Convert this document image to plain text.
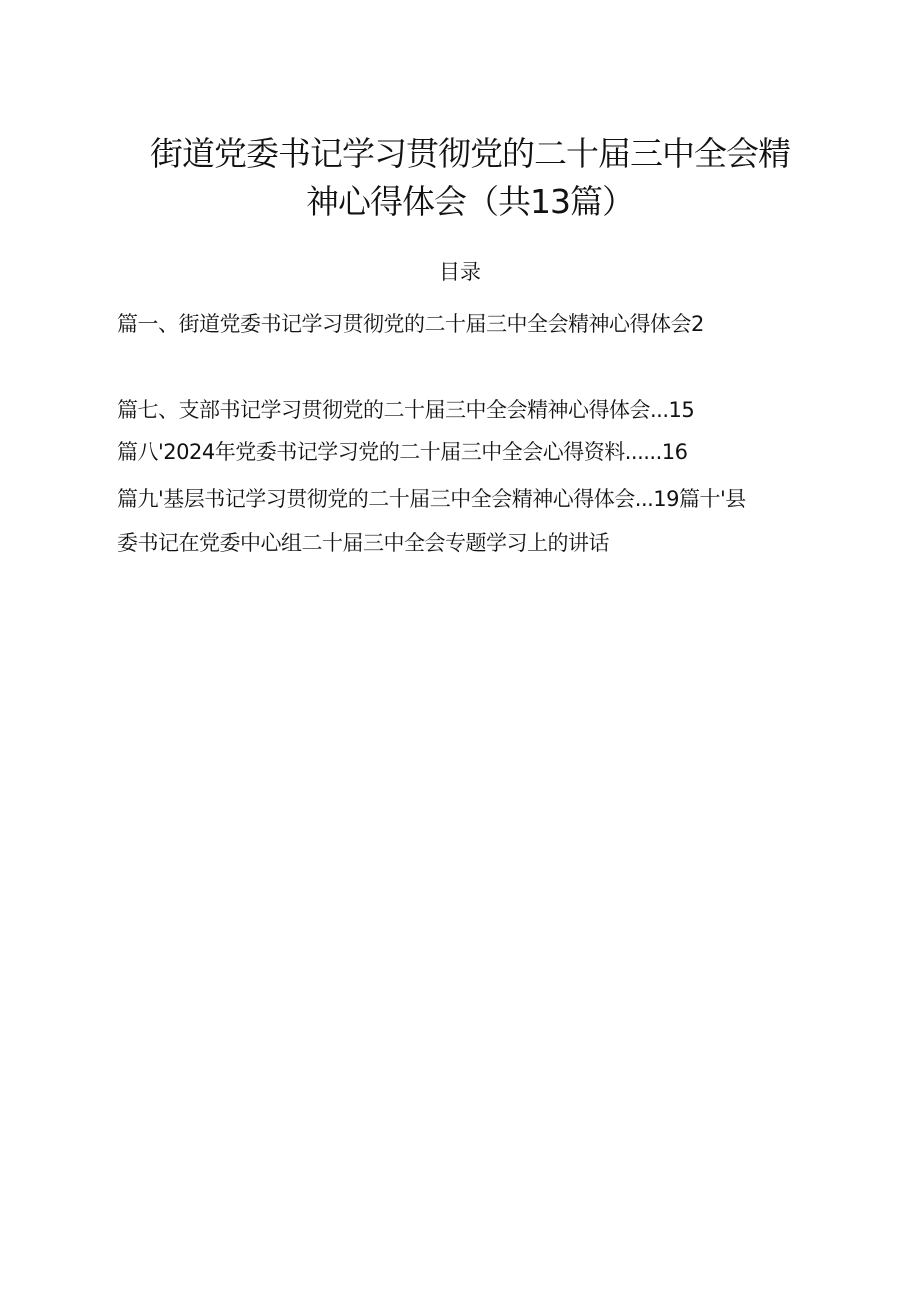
街道党委书记学习贯彻党的二十届三中全会精
神心得体会（共13篇）
目录

篇一、街道党委书记学习贯彻党的二十届三中全会精神心得体会2

篇七、支部书记学习贯彻党的二十届三中全会精神心得体会...15

篇八'2024年党委书记学习党的二十届三中全会心得资料......16

篇九'基层书记学习贯彻党的二十届三中全会精神心得体会...19篇十'县

委书记在党委中心组二十届三中全会专题学习上的讲话
